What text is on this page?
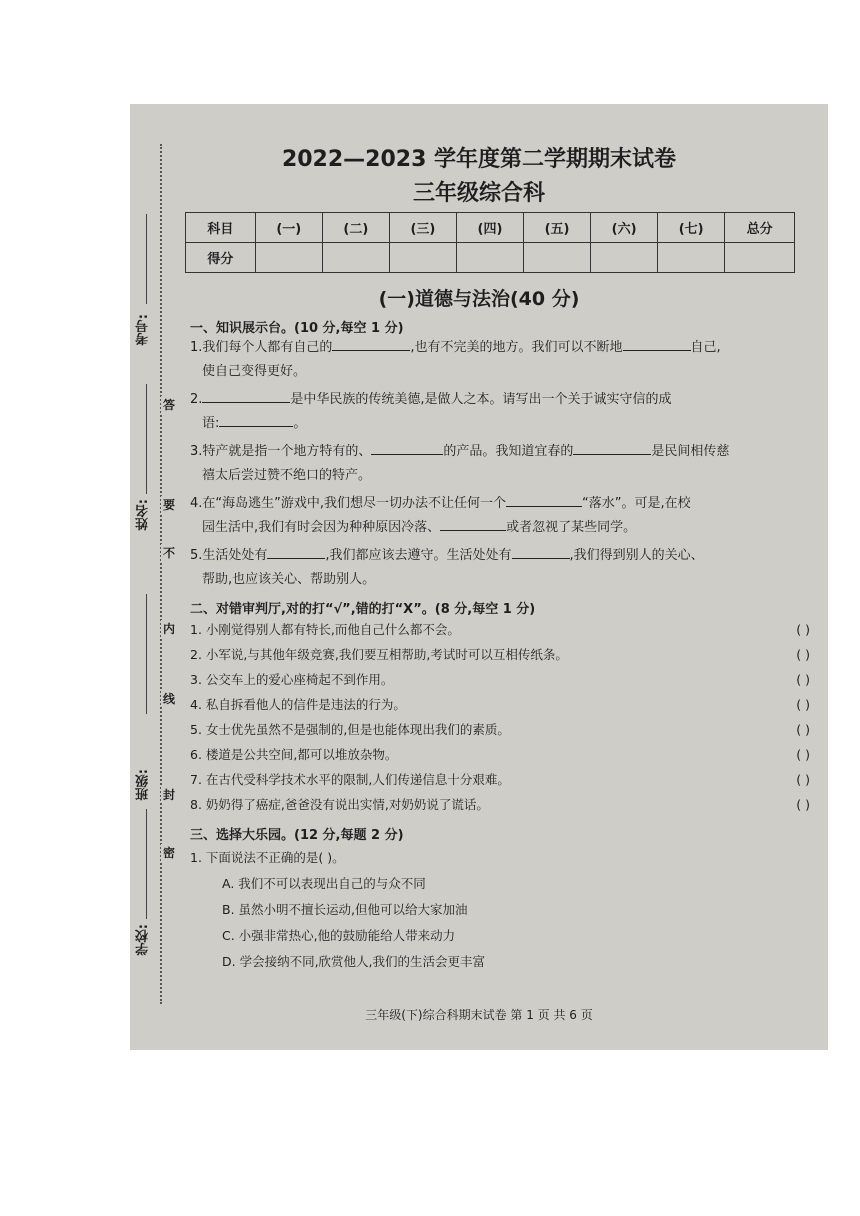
考号:
姓名:
班级:
学校:
答
要
不
内
线
封
密
2022—2023 学年度第二学期期末试卷
三年级综合科
科目	(一)	(二)	(三)	(四)	(五)	(六)	(七)	总分
得分								
(一)道德与法治(40 分)
一、知识展示台。(10 分,每空 1 分)
1.我们每个人都有自己的	,也有不完美的地方。我们可以不断地	自己,
使自己变得更好。
2.	是中华民族的传统美德,是做人之本。请写出一个关于诚实守信的成
语:	。
3.特产就是指一个地方特有的、	的产品。我知道宜春的	是民间相传慈
禧太后尝过赞不绝口的特产。
4.在“海岛逃生”游戏中,我们想尽一切办法不让任何一个	“落水”。可是,在校
园生活中,我们有时会因为种种原因冷落、	或者忽视了某些同学。
5.生活处处有	,我们都应该去遵守。生活处处有	,我们得到别人的关心、
帮助,也应该关心、帮助别人。
二、对错审判厅,对的打“√”,错的打“X”。(8 分,每空 1 分)
1. 小刚觉得别人都有特长,而他自己什么都不会。	( )
2. 小军说,与其他年级竞赛,我们要互相帮助,考试时可以互相传纸条。	( )
3. 公交车上的爱心座椅起不到作用。	( )
4. 私自拆看他人的信件是违法的行为。	( )
5. 女士优先虽然不是强制的,但是也能体现出我们的素质。	( )
6. 楼道是公共空间,都可以堆放杂物。	( )
7. 在古代受科学技术水平的限制,人们传递信息十分艰难。	( )
8. 奶奶得了癌症,爸爸没有说出实情,对奶奶说了谎话。	( )
三、选择大乐园。(12 分,每题 2 分)
1. 下面说法不正确的是( )。
A. 我们不可以表现出自己的与众不同
B. 虽然小明不擅长运动,但他可以给大家加油
C. 小强非常热心,他的鼓励能给人带来动力
D. 学会接纳不同,欣赏他人,我们的生活会更丰富
三年级(下)综合科期末试卷 第 1 页 共 6 页
